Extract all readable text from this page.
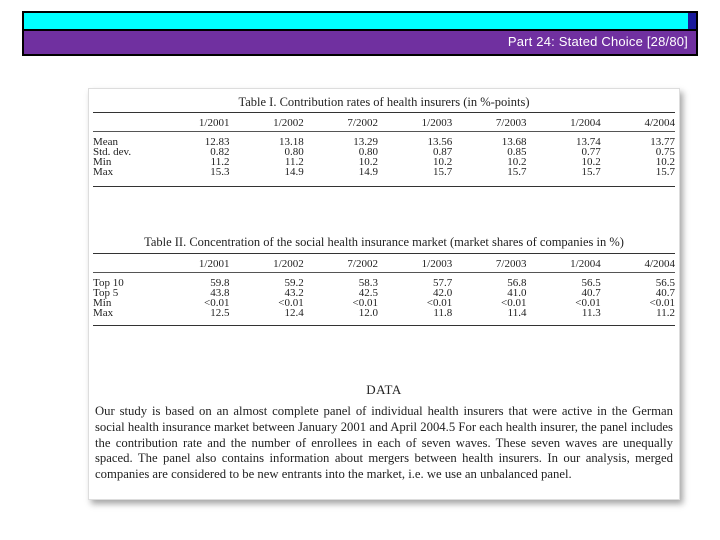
Part 24: Stated Choice [28/80]
Table I. Contribution rates of health insurers (in %-points)
	1/2001	1/2002	7/2002	1/2003	7/2003	1/2004	4/2004
Mean	12.83	13.18	13.29	13.56	13.68	13.74	13.77
Std. dev.	0.82	0.80	0.80	0.87	0.85	0.77	0.75
Min	11.2	11.2	10.2	10.2	10.2	10.2	10.2
Max	15.3	14.9	14.9	15.7	15.7	15.7	15.7
Table II. Concentration of the social health insurance market (market shares of companies in %)
	1/2001	1/2002	7/2002	1/2003	7/2003	1/2004	4/2004
Top 10	59.8	59.2	58.3	57.7	56.8	56.5	56.5
Top 5	43.8	43.2	42.5	42.0	41.0	40.7	40.7
Min	<0.01	<0.01	<0.01	<0.01	<0.01	<0.01	<0.01
Max	12.5	12.4	12.0	11.8	11.4	11.3	11.2
DATA
Our study is based on an almost complete panel of individual health insurers that were active in the German social health insurance market between January 2001 and April 2004.5 For each health insurer, the panel includes the contribution rate and the number of enrollees in each of seven waves. These seven waves are unequally spaced. The panel also contains information about mergers between health insurers. In our analysis, merged companies are considered to be new entrants into the market, i.e. we use an unbalanced panel.
